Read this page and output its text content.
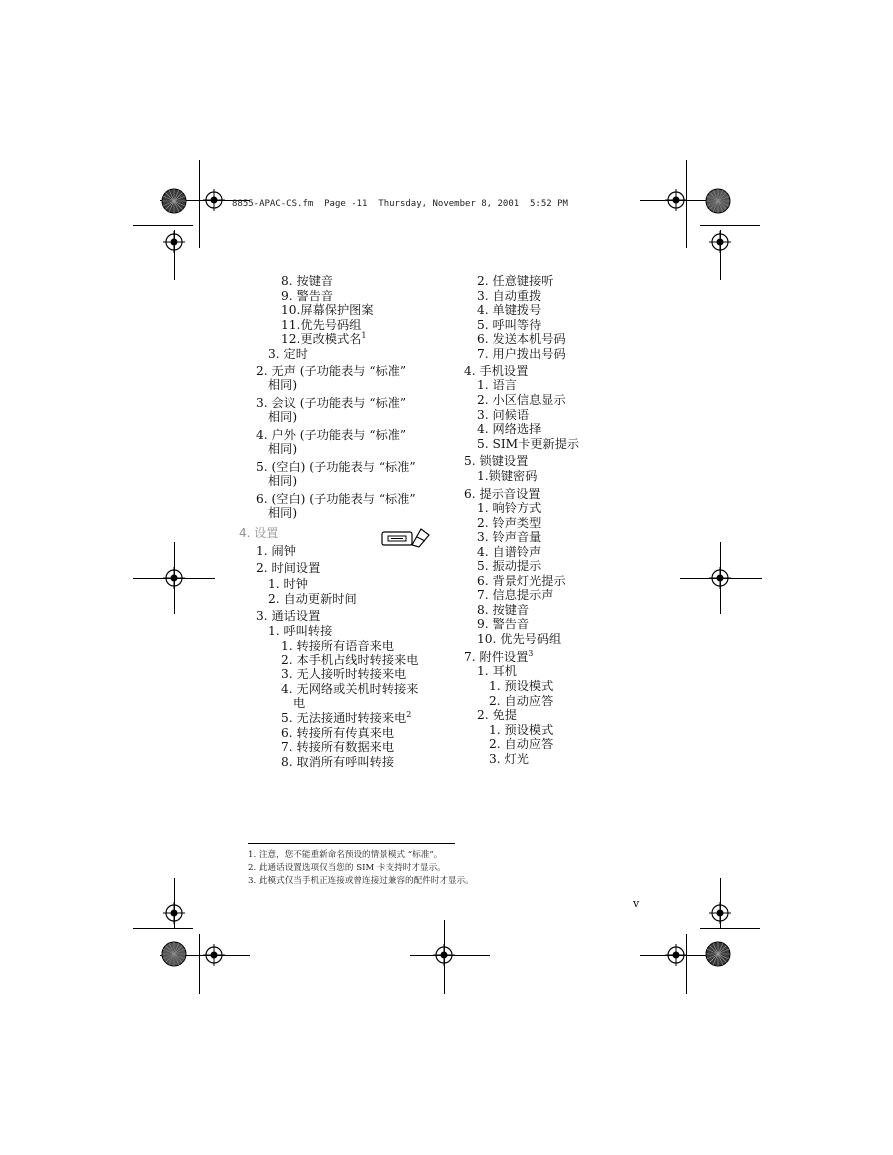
8855-APAC-CS.fm  Page -11  Thursday, November 8, 2001  5:52 PM

8. 按键音

9. 警告音

10.屏幕保护图案

11.优先号码组

12.更改模式名$^1$

3. 定时

2. 无声 (子功能表与 “标准”

相同)

3. 会议 (子功能表与 “标准”

相同)

4. 户外 (子功能表与 “标准”

相同)

5. (空白) (子功能表与 “标准”

相同)

6. (空白) (子功能表与 “标准”

相同)

4. 设置

1. 闹钟

2. 时间设置

1. 时钟

2. 自动更新时间

3. 通话设置

1. 呼叫转接

1. 转接所有语音来电

2. 本手机占线时转接来电

3. 无人接听时转接来电

4. 无网络或关机时转接来

电

5. 无法接通时转接来电$^2$

6. 转接所有传真来电

7. 转接所有数据来电

8. 取消所有呼叫转接

2. 任意键接听

3. 自动重拨

4. 单键拨号

5. 呼叫等待

6. 发送本机号码

7. 用户拨出号码

4. 手机设置

1. 语言

2. 小区信息显示

3. 问候语

4. 网络选择

5. SIM卡更新提示

5. 锁键设置

1.锁键密码

6. 提示音设置

1. 响铃方式

2. 铃声类型

3. 铃声音量

4. 自谱铃声

5. 振动提示

6. 背景灯光提示

7. 信息提示声

8. 按键音

9. 警告音

10. 优先号码组

7. 附件设置$^3$

1. 耳机

1. 预设模式

2. 自动应答

2. 免提

1. 预设模式

2. 自动应答

3. 灯光

1. 注意，您不能重新命名预设的情景模式 “标准”。

2. 此通话设置选项仅当您的 SIM 卡支持时才显示。

3. 此模式仅当手机正连接或曾连接过兼容的配件时才显示。

v
